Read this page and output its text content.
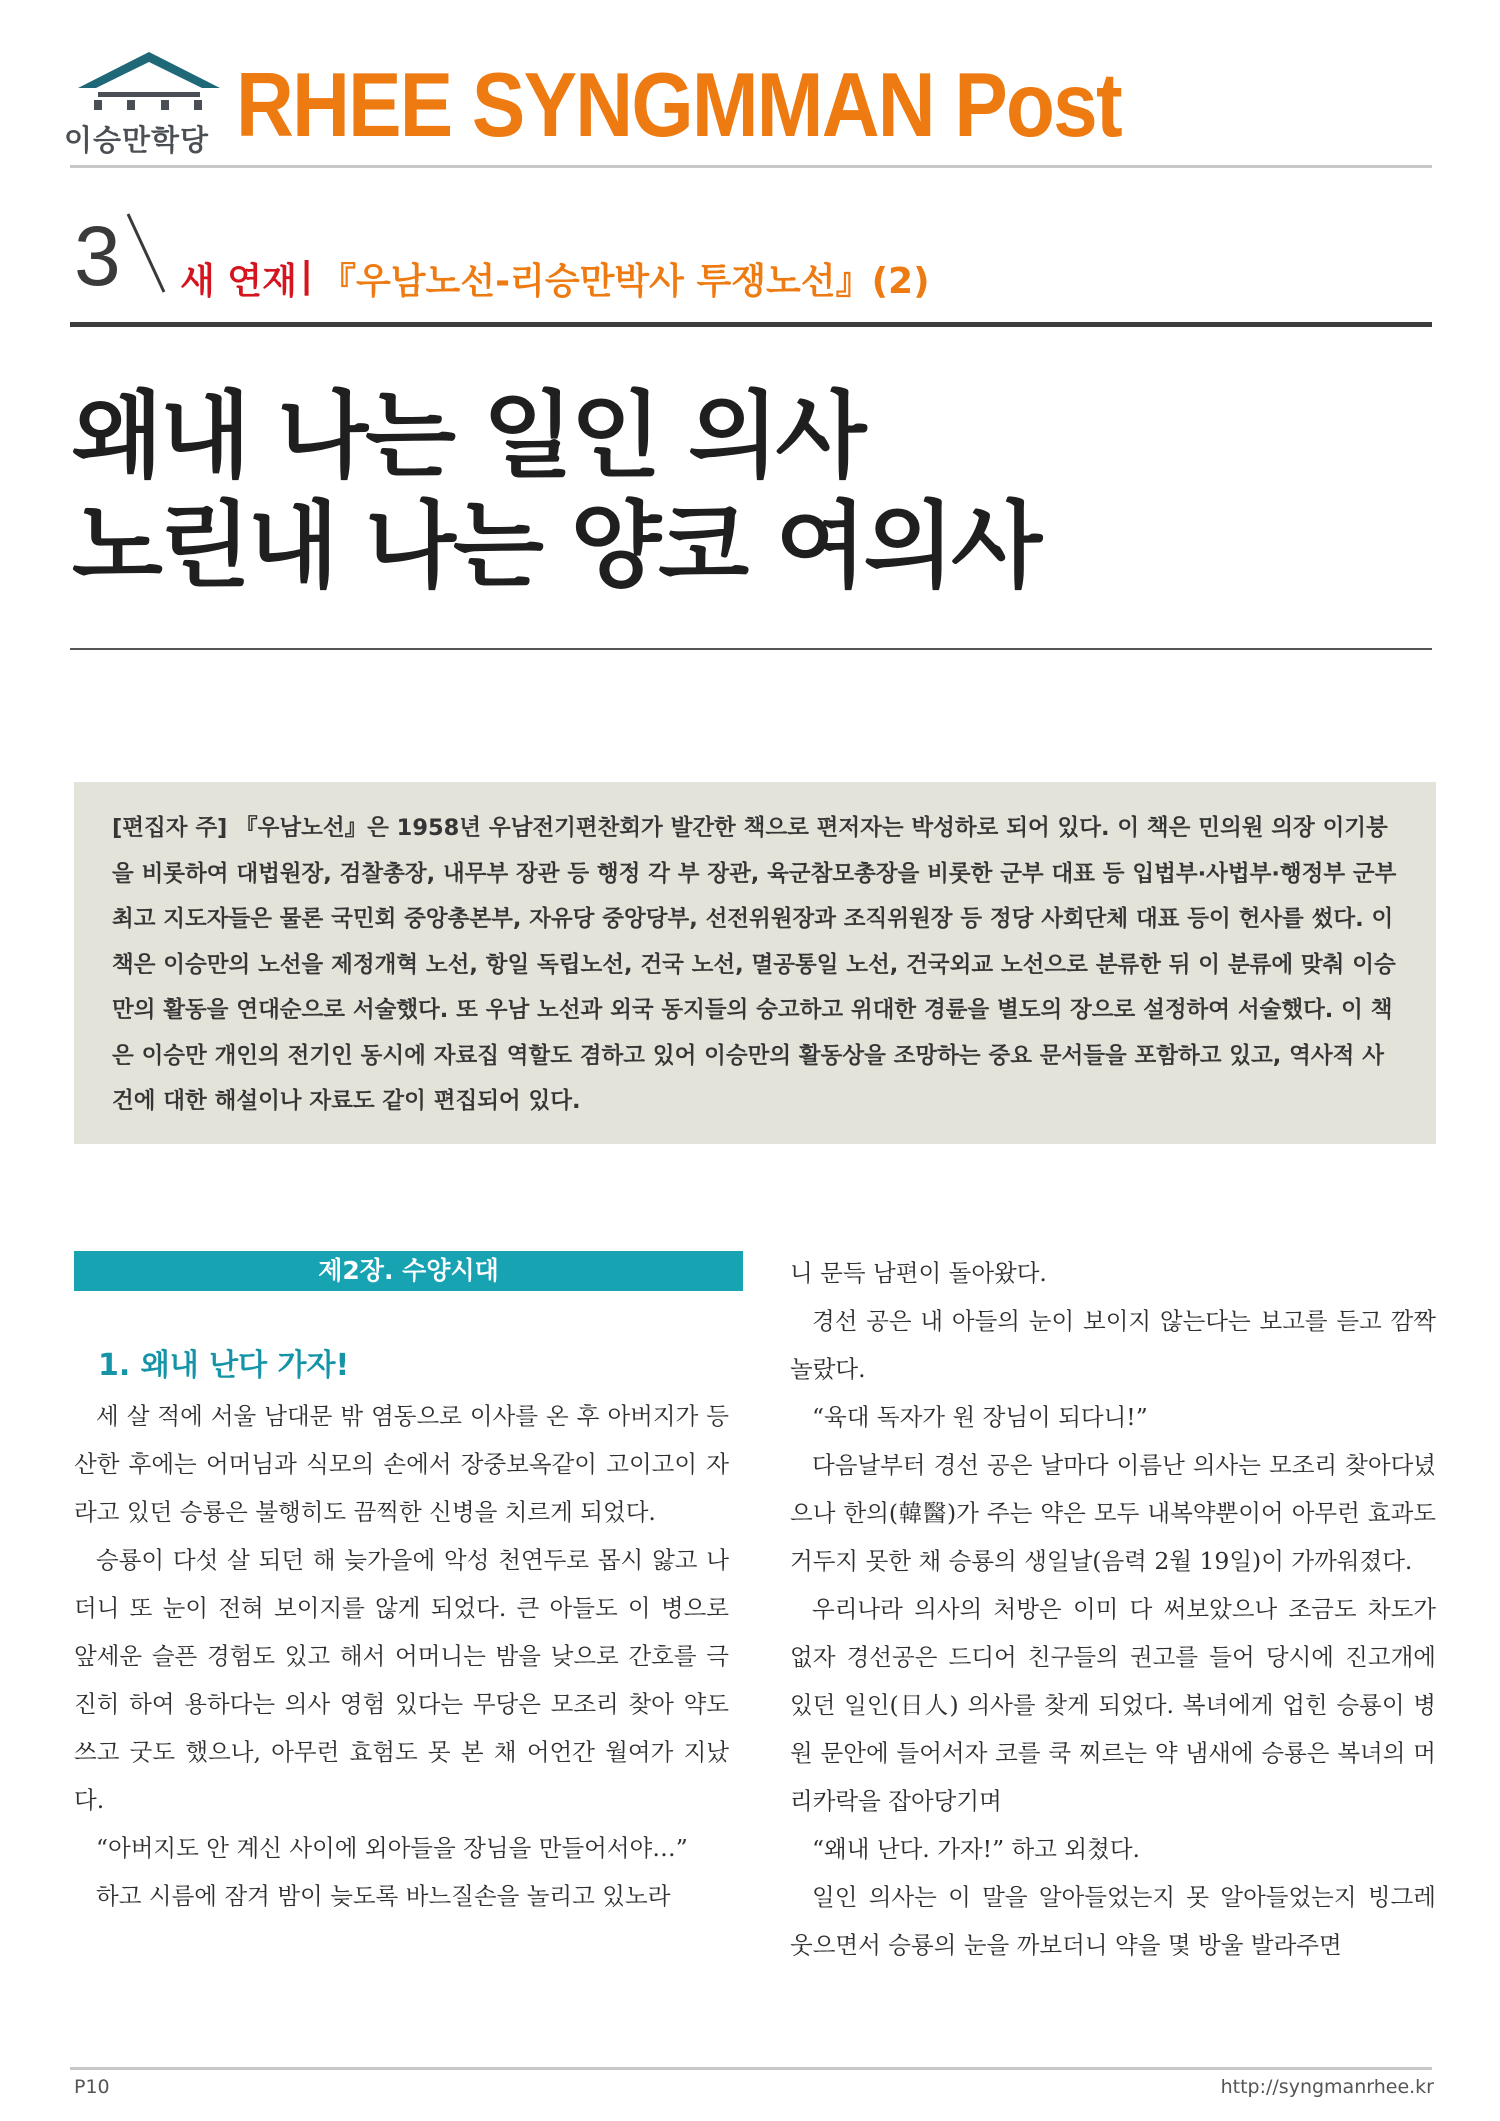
이승만학당 RHEE SYNGMMAN Post
3 새 연재 | 『우남노선-리승만박사 투쟁노선』(2)
왜내 나는 일인 의사
노린내 나는 양코 여의사
[편집자 주] 『우남노선』은 1958년 우남전기편찬회가 발간한 책으로 편저자는 박성하로 되어 있다. 이 책은 민의원 의장 이기붕을 비롯하여 대법원장, 검찰총장, 내무부 장관 등 행정 각 부 장관, 육군참모총장을 비롯한 군부 대표 등 입법부·사법부·행정부 군부 최고 지도자들은 물론 국민회 중앙총본부, 자유당 중앙당부, 선전위원장과 조직위원장 등 정당 사회단체 대표 등이 헌사를 썼다. 이 책은 이승만의 노선을 제정개혁 노선, 항일 독립노선, 건국 노선, 멸공통일 노선, 건국외교 노선으로 분류한 뒤 이 분류에 맞춰 이승만의 활동을 연대순으로 서술했다. 또 우남 노선과 외국 동지들의 숭고하고 위대한 경륜을 별도의 장으로 설정하여 서술했다. 이 책은 이승만 개인의 전기인 동시에 자료집 역할도 겸하고 있어 이승만의 활동상을 조망하는 중요 문서들을 포함하고 있고, 역사적 사건에 대한 해설이나 자료도 같이 편집되어 있다.
제2장. 수양시대
1. 왜내 난다 가자!

세 살 적에 서울 남대문 밖 염동으로 이사를 온 후 아버지가 등산한 후에는 어머님과 식모의 손에서 장중보옥같이 고이고이 자라고 있던 승룡은 불행히도 끔찍한 신병을 치르게 되었다.

승룡이 다섯 살 되던 해 늦가을에 악성 천연두로 몹시 앓고 나더니 또 눈이 전혀 보이지를 않게 되었다. 큰 아들도 이 병으로 앞세운 슬픈 경험도 있고 해서 어머니는 밤을 낮으로 간호를 극진히 하여 용하다는 의사 영험 있다는 무당은 모조리 찾아 약도 쓰고 굿도 했으나, 아무런 효험도 못 본 채 어언간 월여가 지났다.

“아버지도 안 계신 사이에 외아들을 장님을 만들어서야…”

하고 시름에 잠겨 밤이 늦도록 바느질손을 놀리고 있노라

니 문득 남편이 돌아왔다.

경선 공은 내 아들의 눈이 보이지 않는다는 보고를 듣고 깜짝 놀랐다.

“육대 독자가 원 장님이 되다니!”

다음날부터 경선 공은 날마다 이름난 의사는 모조리 찾아다녔으나 한의(韓醫)가 주는 약은 모두 내복약뿐이어 아무런 효과도 거두지 못한 채 승룡의 생일날(음력 2월 19일)이 가까워졌다.

우리나라 의사의 처방은 이미 다 써보았으나 조금도 차도가 없자 경선공은 드디어 친구들의 권고를 들어 당시에 진고개에 있던 일인(日人) 의사를 찾게 되었다. 복녀에게 업힌 승룡이 병원 문안에 들어서자 코를 쿡 찌르는 약 냄새에 승룡은 복녀의 머리카락을 잡아당기며

“왜내 난다. 가자!” 하고 외쳤다.

일인 의사는 이 말을 알아들었는지 못 알아들었는지 빙그레 웃으면서 승룡의 눈을 까보더니 약을 몇 방울 발라주면

P10	http://syngmanrhee.kr
